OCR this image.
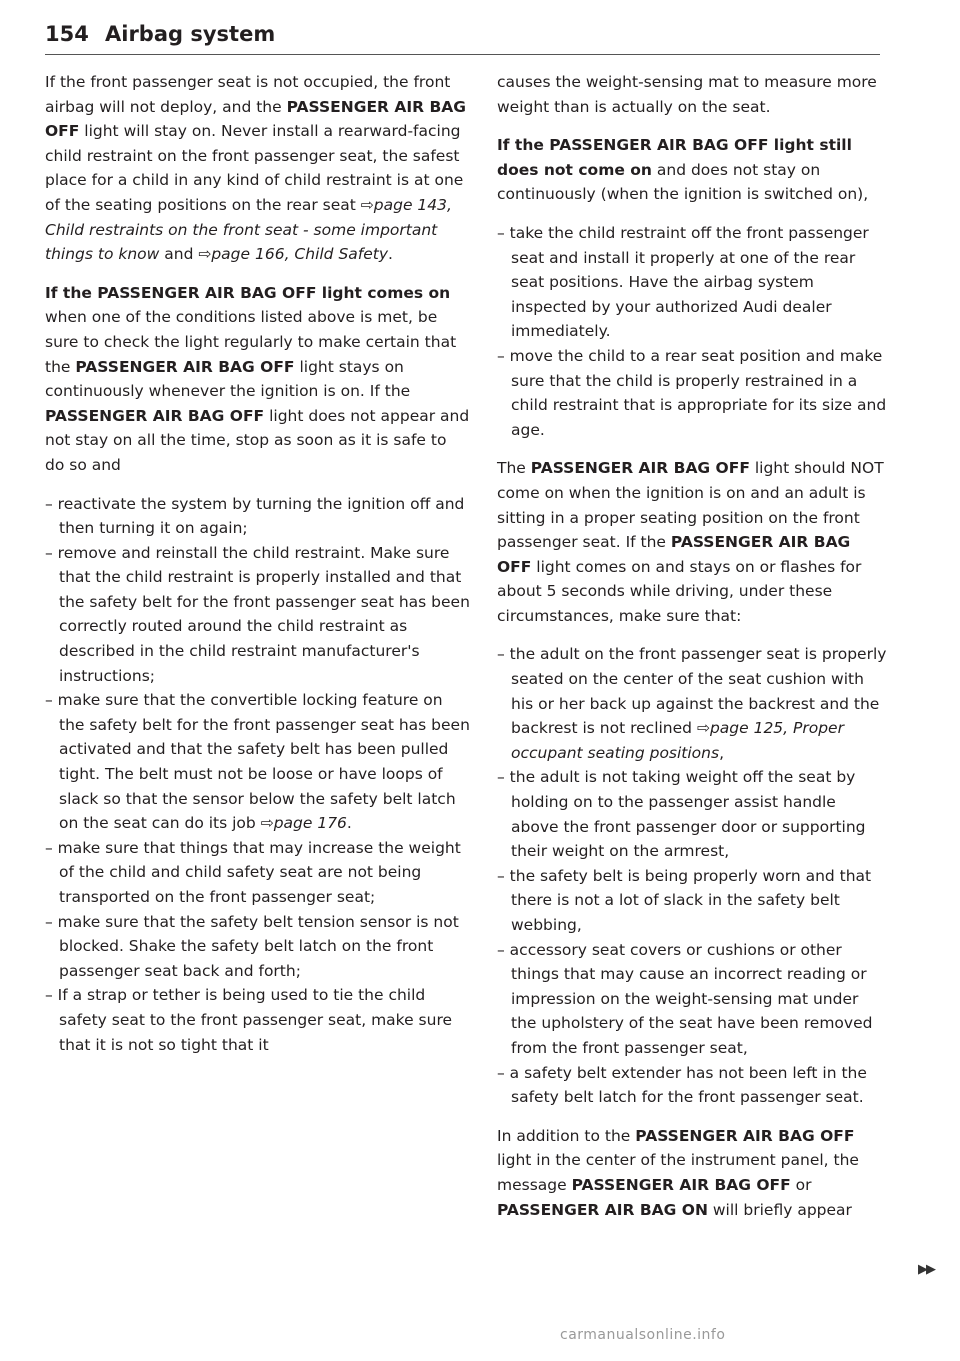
154 Airbag system

If the front passenger seat is not occupied, the front airbag will not deploy, and the PASSENGER AIR BAG OFF light will stay on. Never install a rearward-facing child restraint on the front passenger seat, the safest place for a child in any kind of child restraint is at one of the seating positions on the rear seat ⇨page 143, Child restraints on the front seat - some important things to know and ⇨page 166, Child Safety.

If the PASSENGER AIR BAG OFF light comes on when one of the conditions listed above is met, be sure to check the light regularly to make certain that the PASSENGER AIR BAG OFF light stays on continuously whenever the ignition is on. If the PASSENGER AIR BAG OFF light does not appear and not stay on all the time, stop as soon as it is safe to do so and

– reactivate the system by turning the ignition off and then turning it on again;
– remove and reinstall the child restraint. Make sure that the child restraint is properly installed and that the safety belt for the front passenger seat has been correctly routed around the child restraint as described in the child restraint manufacturer's instructions;
– make sure that the convertible locking feature on the safety belt for the front passenger seat has been activated and that the safety belt has been pulled tight. The belt must not be loose or have loops of slack so that the sensor below the safety belt latch on the seat can do its job ⇨page 176.
– make sure that things that may increase the weight of the child and child safety seat are not being transported on the front passenger seat;
– make sure that the safety belt tension sensor is not blocked. Shake the safety belt latch on the front passenger seat back and forth;
– If a strap or tether is being used to tie the child safety seat to the front passenger seat, make sure that it is not so tight that it

causes the weight-sensing mat to measure more weight than is actually on the seat.

If the PASSENGER AIR BAG OFF light still does not come on and does not stay on continuously (when the ignition is switched on),

– take the child restraint off the front passenger seat and install it properly at one of the rear seat positions. Have the airbag system inspected by your authorized Audi dealer immediately.
– move the child to a rear seat position and make sure that the child is properly restrained in a child restraint that is appropriate for its size and age.

The PASSENGER AIR BAG OFF light should NOT come on when the ignition is on and an adult is sitting in a proper seating position on the front passenger seat. If the PASSENGER AIR BAG OFF light comes on and stays on or flashes for about 5 seconds while driving, under these circumstances, make sure that:

– the adult on the front passenger seat is properly seated on the center of the seat cushion with his or her back up against the backrest and the backrest is not reclined ⇨page 125, Proper occupant seating positions,
– the adult is not taking weight off the seat by holding on to the passenger assist handle above the front passenger door or supporting their weight on the armrest,
– the safety belt is being properly worn and that there is not a lot of slack in the safety belt webbing,
– accessory seat covers or cushions or other things that may cause an incorrect reading or impression on the weight-sensing mat under the upholstery of the seat have been removed from the front passenger seat,
– a safety belt extender has not been left in the safety belt latch for the front passenger seat.

In addition to the PASSENGER AIR BAG OFF light in the center of the instrument panel, the message PASSENGER AIR BAG OFF or PASSENGER AIR BAG ON will briefly appear

▶▶
carmanualsonline.info
